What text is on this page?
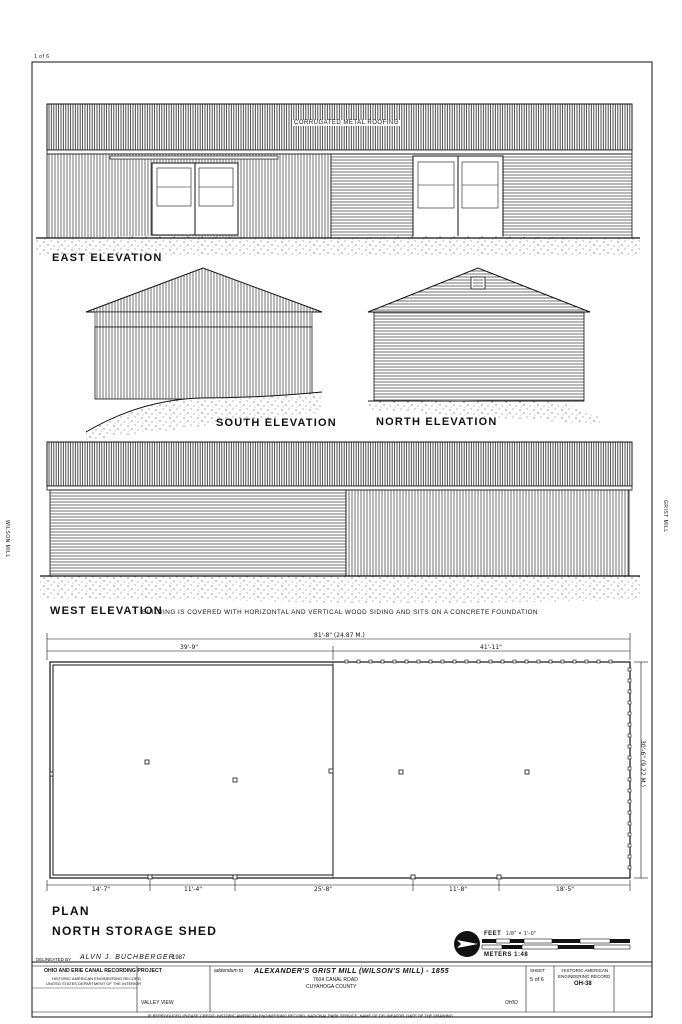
1 of 6
WILSON MILL
GRIST MILL
CORRUGATED METAL ROOFING
EAST ELEVATION
SOUTH ELEVATION	NORTH ELEVATION
WEST ELEVATION
BUILDING IS COVERED WITH HORIZONTAL AND VERTICAL WOOD SIDING AND SITS ON A CONCRETE FOUNDATION
81'-8" (24.87 M.)
39'-9"	41'-11"
30'-6" (9.22 M.)
14'-7"	11'-4"	25'-8"	11'-8"	18'-5"
PLAN
NORTH STORAGE SHED	FEET 1/8" = 1'-0"
METERS 1:48
DELINEATED BY ALVN J. BUCHBERGER
1987
OHIO AND ERIE CANAL RECORDING PROJECT
HISTORIC AMERICAN ENGINEERING RECORD
UNITED STATES DEPARTMENT OF THE INTERIOR
VALLEY VIEW
addendum to ALEXANDER'S GRIST MILL (WILSON'S MILL) - 1855
7604 CANAL ROAD
CUYAHOGA COUNTY
OHIO
SHEET
5 of 6
HISTORIC AMERICAN
ENGINEERING RECORD
OH-38
IF REPRODUCED, PLEASE CREDIT: HISTORIC AMERICAN ENGINEERING RECORD, NATIONAL PARK SERVICE, NAME OF DELINEATOR, DATE OF THE DRAWING
